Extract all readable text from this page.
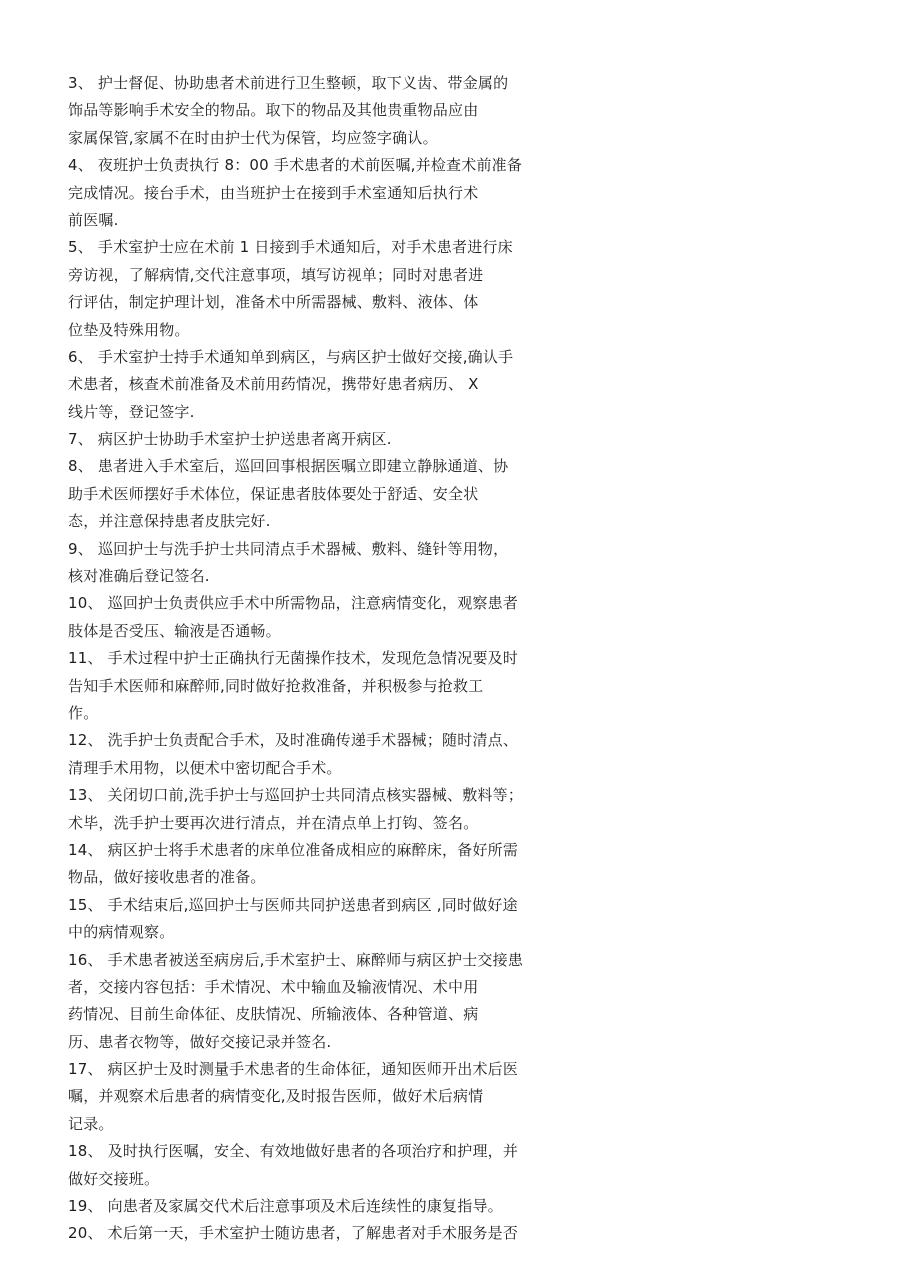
3、 护士督促、协助患者术前进行卫生整顿，取下义齿、带金属的
饰品等影响手术安全的物品。取下的物品及其他贵重物品应由
家属保管,家属不在时由护士代为保管，均应签字确认。
4、 夜班护士负责执行 8：00 手术患者的术前医嘱,并检查术前准备
完成情况。接台手术，由当班护士在接到手术室通知后执行术
前医嘱.
5、 手术室护士应在术前 1 日接到手术通知后，对手术患者进行床
旁访视，了解病情,交代注意事项，填写访视单；同时对患者进
行评估，制定护理计划，准备术中所需器械、敷料、液体、体
位垫及特殊用物。
6、 手术室护士持手术通知单到病区，与病区护士做好交接,确认手
术患者，核查术前准备及术前用药情况，携带好患者病历、 X
线片等，登记签字.
7、 病区护士协助手术室护士护送患者离开病区.
8、 患者进入手术室后，巡回回事根据医嘱立即建立静脉通道、协
助手术医师摆好手术体位，保证患者肢体要处于舒适、安全状
态，并注意保持患者皮肤完好.
9、 巡回护士与洗手护士共同清点手术器械、敷料、缝针等用物，
核对准确后登记签名.
10、 巡回护士负责供应手术中所需物品，注意病情变化，观察患者
肢体是否受压、输液是否通畅。
11、 手术过程中护士正确执行无菌操作技术，发现危急情况要及时
告知手术医师和麻醉师,同时做好抢救准备，并积极参与抢救工
作。
12、 洗手护士负责配合手术，及时准确传递手术器械；随时清点、
清理手术用物，以便术中密切配合手术。
13、 关闭切口前,洗手护士与巡回护士共同清点核实器械、敷料等；
术毕，洗手护士要再次进行清点，并在清点单上打钩、签名。
14、 病区护士将手术患者的床单位准备成相应的麻醉床，备好所需
物品，做好接收患者的准备。
15、 手术结束后,巡回护士与医师共同护送患者到病区 ,同时做好途
中的病情观察。
16、 手术患者被送至病房后,手术室护士、麻醉师与病区护士交接患
者，交接内容包括：手术情况、术中输血及输液情况、术中用
药情况、目前生命体征、皮肤情况、所输液体、各种管道、病
历、患者衣物等，做好交接记录并签名.
17、 病区护士及时测量手术患者的生命体征，通知医师开出术后医
嘱，并观察术后患者的病情变化,及时报告医师，做好术后病情
记录。
18、 及时执行医嘱，安全、有效地做好患者的各项治疗和护理，并
做好交接班。
19、 向患者及家属交代术后注意事项及术后连续性的康复指导。
20、 术后第一天，手术室护士随访患者，了解患者对手术服务是否
